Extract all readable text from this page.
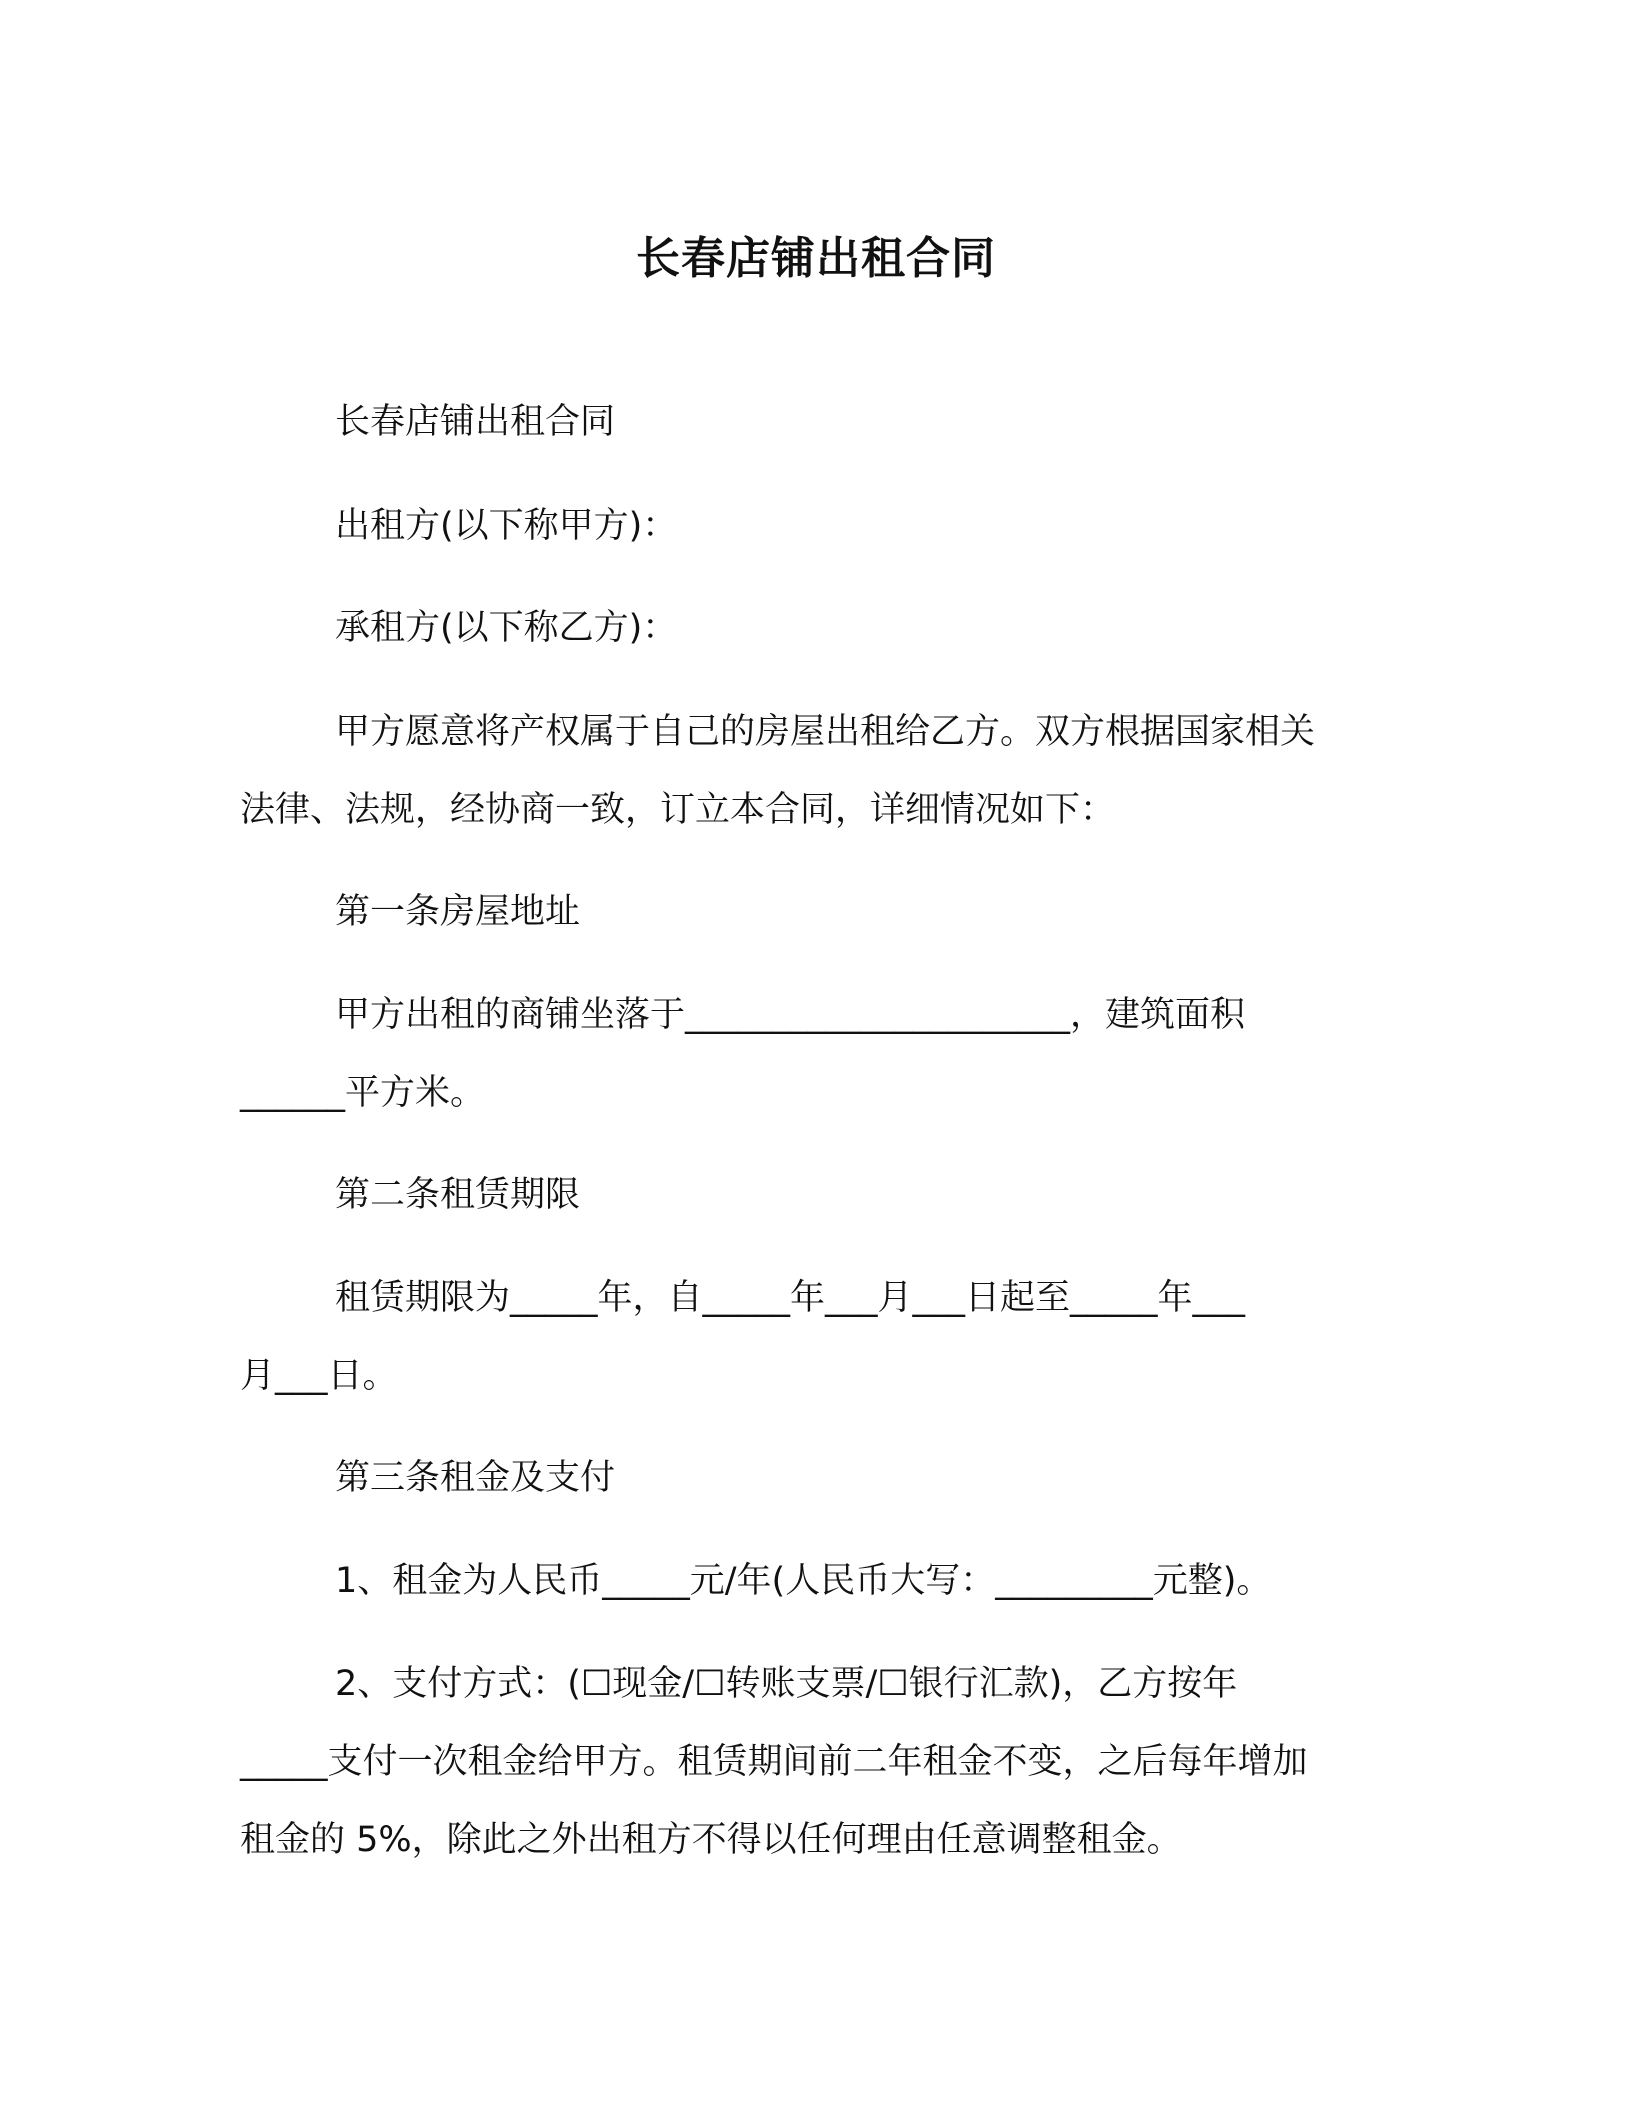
长春店铺出租合同
长春店铺出租合同
出租方(以下称甲方)：
承租方(以下称乙方)：
甲方愿意将产权属于自己的房屋出租给乙方。双方根据国家相关
法律、法规，经协商一致，订立本合同，详细情况如下：
第一条房屋地址
甲方出租的商铺坐落于______________________，建筑面积
______平方米。
第二条租赁期限
租赁期限为_____年，自_____年___月___日起至_____年___
月___日。
第三条租金及支付
1、租金为人民币_____元/年(人民币大写：_________元整)。
2、支付方式：(☐现金/☐转账支票/☐银行汇款)，乙方按年
_____支付一次租金给甲方。租赁期间前二年租金不变，之后每年增加
租金的 5%，除此之外出租方不得以任何理由任意调整租金。
